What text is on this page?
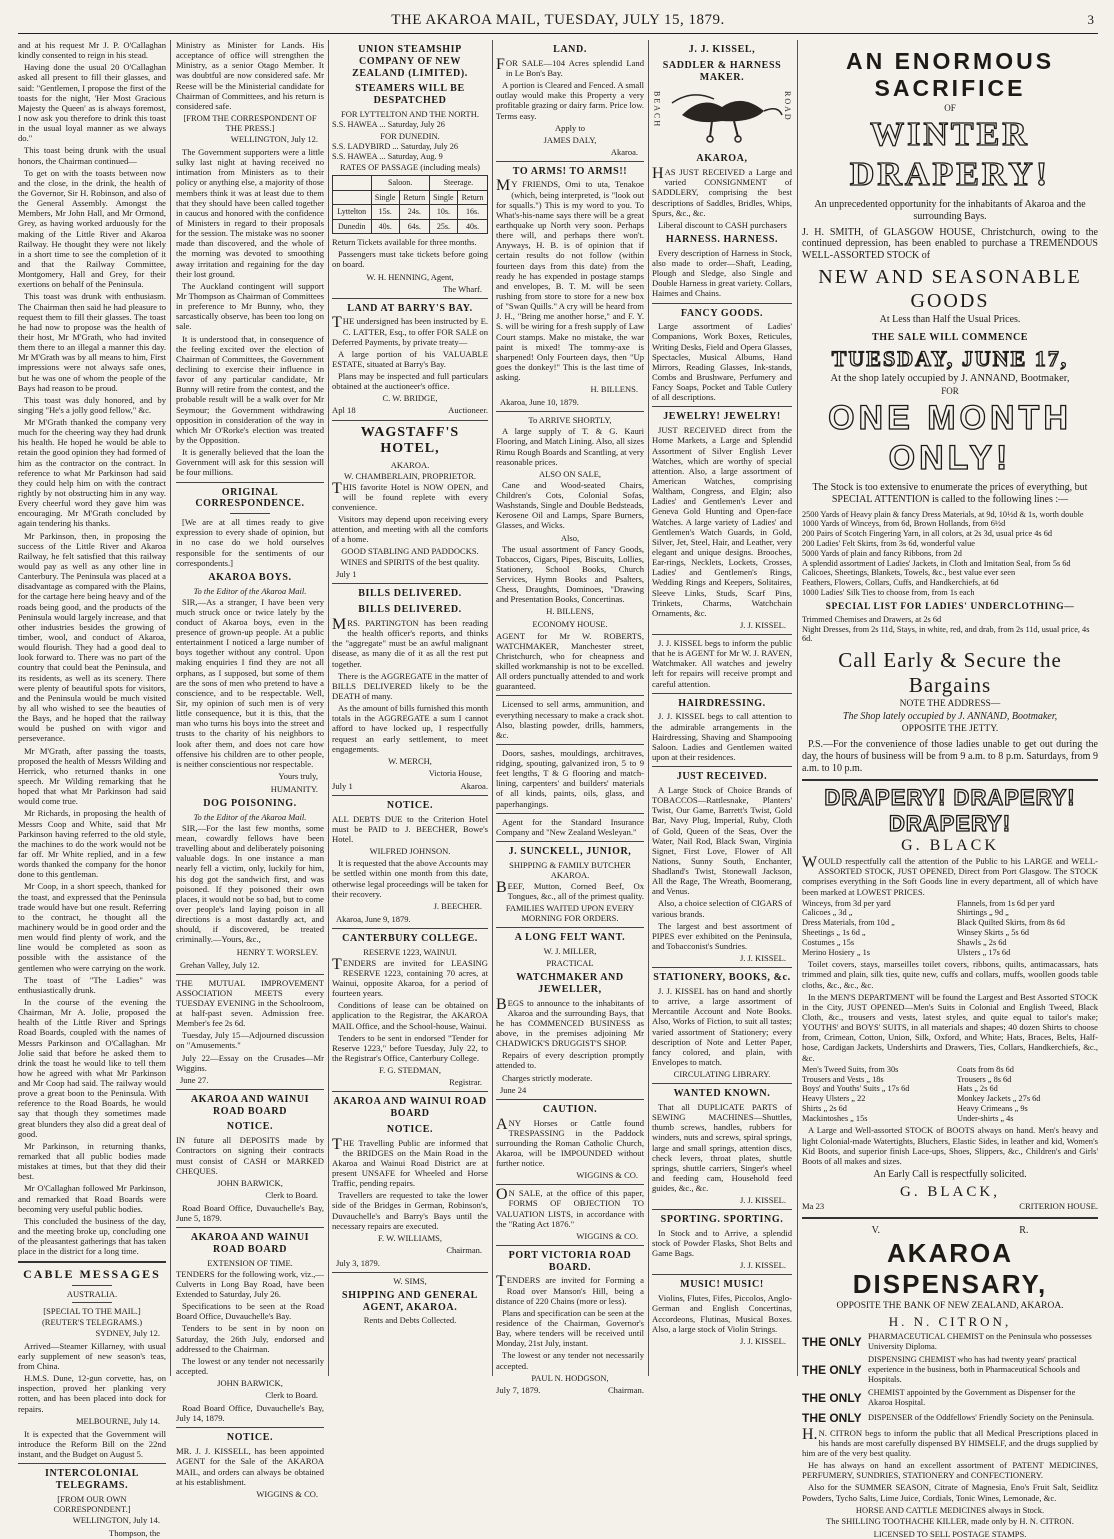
THE AKAROA MAIL, TUESDAY, JULY 15, 1879.	3

and at his request Mr J. P. O'Callaghan kindly consented to reign in his stead.

Having done the usual 20 O'Callaghan asked all present to fill their glasses, and said: "Gentlemen, I propose the first of the toasts for the night, 'Her Most Gracious Majesty the Queen' as is always foremost, I now ask you therefore to drink this toast in the usual loyal manner as we always do."

This toast being drunk with the usual honors, the Chairman continued—

To get on with the toasts between now and the close, in the drink, the health of the Governor, Sir H. Robinson, and also of the General Assembly. Amongst the Members, Mr John Hall, and Mr Ormond, Grey, as having worked arduously for the making of the Little River and Akaroa Railway. He thought they were not likely in a short time to see the completion of it and that the Railway Committee, Montgomery, Hall and Grey, for their exertions on behalf of the Peninsula.

This toast was drunk with enthusiasm. The Chairman then said he had pleasure to request them to fill their glasses. The toast he had now to propose was the health of their host, Mr M'Grath, who had invited them there to an illegal a manner this day. Mr M'Grath was by all means to him, First impressions were not always safe ones, but he was one of whom the people of the Bays had reason to be proud.

This toast was duly honored, and by singing "He's a jolly good fellow," &c.

Mr M'Grath thanked the company very much for the cheering way they had drunk his health. He hoped he would be able to retain the good opinion they had formed of him as the contractor on the contract. In reference to what Mr Parkinson had said they could help him on with the contract rightly by not obstructing him in any way. Every cheerful word they gave him was encouraging. Mr M'Grath concluded by again tendering his thanks.

Mr Parkinson, then, in proposing the success of the Little River and Akaroa Railway, he felt satisfied that this railway would pay as well as any other line in Canterbury. The Peninsula was placed at a disadvantage as compared with the Plains, for the cartage here being heavy and of the roads being good, and the products of the Peninsula would largely increase, and that other industries besides the growing of timber, wool, and conduct of Akaroa, would flourish. They had a good deal to look forward to. There was no part of the country that could beat the Peninsula, and its residents, as well as its scenery. There were plenty of beautiful spots for visitors, and the Peninsula would be much visited by all who wished to see the beauties of the Bays, and he hoped that the railway would be pushed on with vigor and perseverance.

Mr M'Grath, after passing the toasts, proposed the health of Messrs Wilding and Herrick, who returned thanks in one speech. Mr Wilding remarking that he hoped that what Mr Parkinson had said would come true.

Mr Richards, in proposing the health of Messrs Coop and White, said that Mr Parkinson having referred to the old style, the machines to do the work would not be far off. Mr White replied, and in a few words thanked the company for the honor done to this gentleman.

Mr Coop, in a short speech, thanked for the toast, and expressed that the Peninsula trade would have but one result. Referring to the contract, he thought all the machinery would be in good order and the men would find plenty of work, and the line would be completed as soon as possible with the assistance of the gentlemen who were carrying on the work.

The toast of "The Ladies" was enthusiastically drunk.

In the course of the evening the Chairman, Mr A. Jolie, proposed the health of the Little River and Springs Road Boards, coupled with the names of Messrs Parkinson and O'Callaghan. Mr Jolie said that before he asked them to drink the toast he would like to tell them how he agreed with what Mr Parkinson and Mr Coop had said. The railway would prove a great boon to the Peninsula. With reference to the Road Boards, he would say that though they sometimes made great blunders they also did a great deal of good.

Mr Parkinson, in returning thanks, remarked that all public bodies made mistakes at times, but that they did their best.

Mr O'Callaghan followed Mr Parkinson, and remarked that Road Boards were becoming very useful public bodies.

This concluded the business of the day, and the meeting broke up, concluding one of the pleasantest gatherings that has taken place in the district for a long time.

CABLE MESSAGES
AUSTRALIA.
[SPECIAL TO THE MAIL.]
(REUTER'S TELEGRAMS.)
SYDNEY, July 12.

Arrived—Steamer Killarney, with usual early supplement of new season's teas, from China.

H.M.S. Dune, 12-gun corvette, has, on inspection, proved her planking very rotten, and has been placed into dock for repairs.

MELBOURNE, July 14.

It is expected that the Government will introduce the Reform Bill on the 22nd instant, and the Budget on August 5.

INTERCOLONIAL TELEGRAMS.
[FROM OUR OWN CORRESPONDENT.]
WELLINGTON, July 14.
Thompson, the

Ministry as Minister for Lands. His acceptance of office will strengthen the Ministry, as a senior Otago Member. It was doubtful are now considered safe. Mr Reese will be the Ministerial candidate for Chairman of Committees, and his return is considered safe.

[FROM THE CORRESPONDENT OF THE PRESS.]
WELLINGTON, July 12.

The Government supporters were a little sulky last night at having received no intimation from Ministers as to their policy or anything else, a majority of those members think it was at least due to them that they should have been called together in caucus and honored with the confidence of Ministers in regard to their proposals for the session. The mistake was no sooner made than discovered, and the whole of the morning was devoted to smoothing away irritation and regaining for the day their lost ground.

The Auckland contingent will support Mr Thompson as Chairman of Committees in preference to Mr Bunny, who, they sarcastically observe, has been too long on sale.

It is understood that, in consequence of the feeling excited over the election of Chairman of Committees, the Government declining to exercise their influence in favor of any particular candidate, Mr Bunny will retire from the contest, and the probable result will be a walk over for Mr Seymour; the Government withdrawing opposition in consideration of the way in which Mr O'Rorke's election was treated by the Opposition.

It is generally believed that the loan the Government will ask for this session will be four millions.

ORIGINAL CORRESPONDENCE.

[We are at all times ready to give expression to every shade of opinion, but in no case do we hold ourselves responsible for the sentiments of our correspondents.]

AKAROA BOYS.
To the Editor of the Akaroa Mail.

SIR,—As a stranger, I have been very much struck once or twice lately by the conduct of Akaroa boys, even in the presence of grown-up people. At a public entertainment I noticed a large number of boys together without any control. Upon making enquiries I find they are not all orphans, as I supposed, but some of them are the sons of men who pretend to have a conscience, and to be respectable. Well, Sir, my opinion of such men is of very little consequence, but it is this, that the man who turns his boys into the street and trusts to the charity of his neighbors to look after them, and does not care how offensive his children are to other people, is neither conscientious nor respectable.

Yours truly,
HUMANITY.
DOG POISONING.
To the Editor of the Akaroa Mail.

SIR,—For the last few months, some mean, cowardly fellows have been travelling about and deliberately poisoning valuable dogs. In one instance a man nearly fell a victim, only, luckily for him, his dog got the sandwich first, and was poisoned. If they poisoned their own places, it would not be so bad, but to come over people's land laying poison in all directions is a most dastardly act, and should, if discovered, be treated criminally.—Yours, &c.,

HENRY T. WORSLEY.
Grehan Valley, July 12.

THE MUTUAL IMPROVEMENT ASSOCIATION MEETS every TUESDAY EVENING in the Schoolroom, at half-past seven. Admission free. Member's fee 2s 6d.

Tuesday, July 15—Adjourned discussion on "Amusements."

July 22—Essay on the Crusades—Mr Wiggins.

June 27.
AKAROA AND WAINUI ROAD BOARD
NOTICE.

IN future all DEPOSITS made by Contractors on signing their contracts must consist of CASH or MARKED CHEQUES.

JOHN BARWICK,
Clerk to Board.

Road Board Office, Duvauchelle's Bay, June 5, 1879.

AKAROA AND WAINUI ROAD BOARD
EXTENSION OF TIME.

TENDERS for the following work, viz.,—Culverts in Long Bay Road, have been Extended to Saturday, July 26.

Specifications to be seen at the Road Board Office, Duvauchelle's Bay.

Tenders to be sent in by noon on Saturday, the 26th July, endorsed and addressed to the Chairman.

The lowest or any tender not necessarily accepted.

JOHN BARWICK,
Clerk to Board.

Road Board Office, Duvauchelle's Bay, July 14, 1879.

NOTICE.

MR. J. J. KISSELL, has been appointed AGENT for the Sale of the AKAROA MAIL, and orders can always be obtained at his establishment.

WIGGINS & CO.
UNION STEAMSHIP COMPANY OF NEW ZEALAND (LIMITED).
STEAMERS WILL BE DESPATCHED
FOR LYTTELTON AND THE NORTH.
S.S. HAWEA ... Saturday, July 26
FOR DUNEDIN.
S.S. LADYBIRD ... Saturday, July 26
S.S. HAWEA ... Saturday, Aug. 9
RATES OF PASSAGE (including meals)
	Saloon.		Steerage.	
	Single	Return	Single	Return
Lyttelton	15s.	24s.	10s.	16s.
Dunedin	40s.	64s.	25s.	40s.

Return Tickets available for three months.

Passengers must take tickets before going on board.

W. H. HENNING, Agent,
The Wharf.
LAND AT BARRY'S BAY.

THE undersigned has been instructed by E. C. LATTER, Esq., to offer FOR SALE on Deferred Payments, by private treaty—

A large portion of his VALUABLE ESTATE, situated at Barry's Bay.

Plans may be inspected and full particulars obtained at the auctioneer's office.

C. W. BRIDGE,
Apl 18	Auctioneer.
WAGSTAFF'S HOTEL,
AKAROA.
W. CHAMBERLAIN, PROPRIETOR.

THIS favorite Hotel is NOW OPEN, and will be found replete with every convenience.

Visitors may depend upon receiving every attention, and meeting with all the comforts of a home.

GOOD STABLING AND PADDOCKS.
WINES and SPIRITS of the best quality.
July 1
BILLS DELIVERED.
BILLS DELIVERED.

MRS. PARTINGTON has been reading the health officer's reports, and thinks the "aggregate" must be an awful malignant disease, as many die of it as all the rest put together.

There is the AGGREGATE in the matter of BILLS DELIVERED likely to be the DEATH of many.

As the amount of bills furnished this month totals in the AGGREGATE a sum I cannot afford to have locked up, I respectfully request an early settlement, to meet engagements.

W. MERCH,
Victoria House,
July 1	Akaroa.
NOTICE.

ALL DEBTS DUE to the Criterion Hotel must be PAID to J. BEECHER, Bowe's Hotel.

WILFRED JOHNSON.

It is requested that the above Accounts may be settled within one month from this date, otherwise legal proceedings will be taken for their recovery.

J. BEECHER.
Akaroa, June 9, 1879.
CANTERBURY COLLEGE.
RESERVE 1223, WAINUI.

TENDERS are invited for LEASING RESERVE 1223, containing 70 acres, at Wainui, opposite Akaroa, for a period of fourteen years.

Conditions of lease can be obtained on application to the Registrar, the AKAROA MAIL Office, and the School-house, Wainui.

Tenders to be sent in endorsed "Tender for Reserve 1223," before Tuesday, July 22, to the Registrar's Office, Canterbury College.

F. G. STEDMAN,
Registrar.
AKAROA AND WAINUI ROAD BOARD
NOTICE.

THE Travelling Public are informed that the BRIDGES on the Main Road in the Akaroa and Wainui Road District are at present UNSAFE for Wheeled and Horse Traffic, pending repairs.

Travellers are requested to take the lower side of the Bridges in German, Robinson's, Duvauchelle's and Barry's Bays until the necessary repairs are executed.

F. W. WILLIAMS,
Chairman.
July 3, 1879.
W. SIMS,
SHIPPING AND GENERAL AGENT, AKAROA.
Rents and Debts Collected.
LAND.

FOR SALE—104 Acres splendid Land in Le Bon's Bay.

A portion is Cleared and Fenced. A small outlay would make this Property a very profitable grazing or dairy farm. Price low. Terms easy.

Apply to
JAMES DALY,
Akaroa.
TO ARMS! TO ARMS!!

MY FRIENDS, Omi to uta, Tenakoe (which, being interpreted, is "look out for squalls.") This is my word to you. To What's-his-name says there will be a great earthquake up North very soon. Perhaps there will, and perhaps there won't. Anyways, H. B. is of opinion that if certain results do not follow (within fourteen days from this date) from the ready he has expended in postage stamps and envelopes, B. T. M. will be seen rushing from store to store for a new box of "Swan Quills." A cry will be heard from J. H., "Bring me another horse," and F. Y. S. will be wiring for a fresh supply of Law Court stamps. Make no mistake, the war paint is mixed! The tommy-axe is sharpened! Only Fourteen days, then "Up goes the donkey!" This is the last time of asking.

H. BILLENS.
Akaroa, June 10, 1879.
To ARRIVE SHORTLY,

A large supply of T. & G. Kauri Flooring, and Match Lining. Also, all sizes Rimu Rough Boards and Scantling, at very reasonable prices.

ALSO ON SALE,

Cane and Wood-seated Chairs, Children's Cots, Colonial Sofas, Washstands, Single and Double Bedsteads, Kerosene Oil and Lamps, Spare Burners, Glasses, and Wicks.

Also,

The usual assortment of Fancy Goods, Tobaccos, Cigars, Pipes, Biscuits, Lollies, Stationery, School Books, Church Services, Hymn Books and Psalters, Chess, Draughts, Dominoes, "Drawing and Presentation Books, Concertinas.

H. BILLENS,
ECONOMY HOUSE.

AGENT for Mr W. ROBERTS, WATCHMAKER, Manchester street, Christchurch, who for cheapness and skilled workmanship is not to be excelled. All orders punctually attended to and work guaranteed.

Licensed to sell arms, ammunition, and everything necessary to make a crack shot. Also, blasting powder, drills, hammers, &c.

Doors, sashes, mouldings, architraves, ridging, spouting, galvanized iron, 5 to 9 feet lengths, T & G flooring and match-lining, carpenters' and builders' materials of all kinds, paints, oils, glass, and paperhangings.

Agent for the Standard Insurance Company and "New Zealand Wesleyan."

J. SUNCKELL, JUNIOR,
SHIPPING & FAMILY BUTCHER AKAROA.

BEEF, Mutton, Corned Beef, Ox Tongues, &c., all of the primest quality.

FAMILIES WAITED UPON EVERY MORNING FOR ORDERS.
A LONG FELT WANT.
W. J. MILLER,
PRACTICAL
WATCHMAKER AND JEWELLER,

BEGS to announce to the inhabitants of Akaroa and the surrounding Bays, that he has COMMENCED BUSINESS as above, in the premises adjoining Mr CHADWICK'S DRUGGIST'S SHOP.

Repairs of every description promptly attended to.

Charges strictly moderate.

June 24
CAUTION.

ANY Horses or Cattle found TRESPASSING in the Paddock surrounding the Roman Catholic Church, Akaroa, will be IMPOUNDED without further notice.

WIGGINS & CO.

ON SALE, at the office of this paper, FORMS OF OBJECTION TO VALUATION LISTS, in accordance with the "Rating Act 1876."

WIGGINS & CO.
PORT VICTORIA ROAD BOARD.

TENDERS are invited for Forming a Road over Manson's Hill, being a distance of 220 Chains (more or less).

Plans and specification can be seen at the residence of the Chairman, Governor's Bay, where tenders will be received until Monday, 21st July, instant.

The lowest or any tender not necessarily accepted.

PAUL N. HODGSON,
July 7, 1879.	Chairman.
J. J. KISSEL,
SADDLER & HARNESS MAKER.
BEACH	ROAD
AKAROA,

HAS JUST RECEIVED a Large and varied CONSIGNMENT of SADDLERY, comprising the best descriptions of Saddles, Bridles, Whips, Spurs, &c., &c.

Liberal discount to CASH purchasers

HARNESS. HARNESS.

Every description of Harness in Stock, also made to order—Shaft, Leading, Plough and Sledge, also Single and Double Harness in great variety. Collars, Haimes and Chains.

FANCY GOODS.

Large assortment of Ladies' Companions, Work Boxes, Reticules, Writing Desks, Field and Opera Glasses, Spectacles, Musical Albums, Hand Mirrors, Reading Glasses, Ink-stands, Combs and Brushware, Perfumery and Fancy Soaps, Pocket and Table Cutlery of all descriptions.

JEWELRY! JEWELRY!

JUST RECEIVED direct from the Home Markets, a Large and Splendid Assortment of Silver English Lever Watches, which are worthy of special attention. Also, a large assortment of American Watches, comprising Waltham, Congress, and Elgin; also Ladies' and Gentlemen's Lever and Geneva Gold Hunting and Open-face Watches. A large variety of Ladies' and Gentlemen's Watch Guards, in Gold, Silver, Jet, Steel, Hair, and Leather, very elegant and unique designs. Brooches, Ear-rings, Necklets, Lockets, Crosses, Ladies' and Gentlemen's Rings, Wedding Rings and Keepers, Solitaires, Sleeve Links, Studs, Scarf Pins, Trinkets, Charms, Watchchain Ornaments, &c.

J. J. KISSEL.

J. J. KISSEL begs to inform the public that he is AGENT for Mr W. J. RAVEN, Watchmaker. All watches and jewelry left for repairs will receive prompt and careful attention.

HAIRDRESSING.

J. J. KISSEL begs to call attention to the admirable arrangements in the Hairdressing, Shaving and Shampooing Saloon. Ladies and Gentlemen waited upon at their residences.

JUST RECEIVED.

A Large Stock of Choice Brands of TOBACCOS—Rattlesnake, Planters' Twist, Our Game, Barrett's Twist, Gold Bar, Navy Plug, Imperial, Ruby, Cloth of Gold, Queen of the Seas, Over the Water, Nail Rod, Black Swan, Virginia Signet, First Love, Flower of All Nations, Sunny South, Enchanter, Shadland's Twist, Stonewall Jackson, All the Rage, The Wreath, Boomerang, and Venus.

Also, a choice selection of CIGARS of various brands.

The largest and best assortment of PIPES ever exhibited on the Peninsula, and Tobacconist's Sundries.

J. J. KISSEL.
STATIONERY, BOOKS, &c.

J. J. KISSEL has on hand and shortly to arrive, a large assortment of Mercantile Account and Note Books. Also, Works of Fiction, to suit all tastes; varied assortment of Stationery; every description of Note and Letter Paper, fancy colored, and plain, with Envelopes to match.

CIRCULATING LIBRARY.
WANTED KNOWN.

That all DUPLICATE PARTS of SEWING MACHINES—Shuttles, thumb screws, handles, rubbers for winders, nuts and screws, spiral springs, large and small springs, attention discs, check levers, throat plates, shuttle springs, shuttle carriers, Singer's wheel and feeding cam, Household feed guides, &c., &c.

J. J. KISSEL.
SPORTING. SPORTING.

In Stock and to Arrive, a splendid stock of Powder Flasks, Shot Belts and Game Bags.

J. J. KISSEL.
MUSIC! MUSIC!

Violins, Flutes, Fifes, Piccolos, Anglo-German and English Concertinas, Accordeons, Flutinas, Musical Boxes. Also, a large stock of Violin Strings.

J. J. KISSEL.
AN ENORMOUS SACRIFICE
OF
WINTER DRAPERY!
An unprecedented opportunity for the inhabitants of Akaroa and the surrounding Bays.

J. H. SMITH, of GLASGOW HOUSE, Christchurch, owing to the continued depression, has been enabled to purchase a TREMENDOUS WELL-ASSORTED STOCK of

NEW AND SEASONABLE GOODS
At Less than Half the Usual Prices.
THE SALE WILL COMMENCE
TUESDAY, JUNE 17,
At the shop lately occupied by J. ANNAND, Bootmaker,
FOR
ONE MONTH ONLY!

The Stock is too extensive to enumerate the prices of everything, but SPECIAL ATTENTION is called to the following lines :—

2500 Yards of Heavy plain & fancy Dress Materials, at 9d, 10½d & 1s, worth double
1000 Yards of Winceys, from 6d, Brown Hollands, from 6½d
200 Pairs of Scotch Fingering Yarn, in all colors, at 2s 3d, usual price 4s 6d
200 Ladies' Felt Skirts, from 3s 6d, wonderful value
5000 Yards of plain and fancy Ribbons, from 2d
A splendid assortment of Ladies' Jackets, in Cloth and Imitation Seal, from 5s 6d
Calicoes, Sheetings, Blankets, Towels, &c., best value ever seen
Feathers, Flowers, Collars, Cuffs, and Handkerchiefs, at 6d
1000 Ladies' Silk Ties to choose from, from 1s each
SPECIAL LIST FOR LADIES' UNDERCLOTHING—
Trimmed Chemises and Drawers, at 2s 6d
Night Dresses, from 2s 11d, Stays, in white, red, and drab, from 2s 11d, usual price, 4s 6d.
Call Early & Secure the Bargains
NOTE THE ADDRESS—
The Shop lately occupied by J. ANNAND, Bootmaker,
OPPOSITE THE JETTY.

P.S.—For the convenience of those ladies unable to get out during the day, the hours of business will be from 9 a.m. to 8 p.m. Saturdays, from 9 a.m. to 10 p.m.

DRAPERY! DRAPERY! DRAPERY!
G. BLACK

WOULD respectfully call the attention of the Public to his LARGE and WELL-ASSORTED STOCK, JUST OPENED, Direct from Port Glasgow. The STOCK comprises everything in the Soft Goods line in every department, all of which have been marked at LOWEST PRICES.

Winceys, from 3d per yard	Flannels, from 1s 6d per yard
Calicoes „ 3d „	Shirtings „ 9d „
Dress Materials, from 10d „	Black Quilted Skirts, from 8s 6d
Sheetings „ 1s 6d „	Winsey Skirts „ 5s 6d
Costumes „ 15s	Shawls „ 2s 6d
Merino Hosiery „ 1s	Ulsters „ 17s 6d

Toilet covers, stays, marseilles toilet covers, ribbons, quilts, antimacassars, hats trimmed and plain, silk ties, quite new, cuffs and collars, muffs, woollen goods table cloths, &c., &c., &c.

In the MEN'S DEPARTMENT will be found the Largest and Best Assorted STOCK in the City, JUST OPENED—Men's Suits in Colonial and English Tweed, Black Cloth, &c., trousers and vests, latest styles, and quite equal to tailor's make; YOUTHS' and BOYS' SUITS, in all materials and shapes; 40 dozen Shirts to choose from, Crimean, Cotton, Union, Silk, Oxford, and White; Hats, Braces, Belts, Half-hose, Cardigan Jackets, Undershirts and Drawers, Ties, Collars, Handkerchiefs, &c., &c.

Men's Tweed Suits, from 30s	Coats from 8s 6d
Trousers and Vests „ 18s	Trousers „ 8s 6d
Boys' and Youths' Suits „ 17s 6d	Hats „ 2s 6d
Heavy Ulsters „ 22	Monkey Jackets „ 27s 6d
Shirts „ 2s 6d	Heavy Crimeans „ 9s
Mackintoshes „ 15s	Under-shirts „ 4s

A Large and Well-assorted STOCK of BOOTS always on hand. Men's heavy and light Colonial-made Watertights, Bluchers, Elastic Sides, in leather and kid, Women's Kid Boots, and superior finish Lace-ups, Shoes, Slippers, &c., Children's and Girls' Boots of all makes and sizes.

An Early Call is respectfully solicited.
G. BLACK,
Ma 23	CRITERION HOUSE.
V.	R.
AKAROA DISPENSARY,
OPPOSITE THE BANK OF NEW ZEALAND, AKAROA.
H. N. CITRON,
THE ONLY PHARMACEUTICAL CHEMIST on the Peninsula who possesses University Diploma.
THE ONLY
DISPENSING CHEMIST who has had twenty years' practical experience in the business, both in Pharmaceutical Schools and Hospitals.
THE ONLY CHEMIST appointed by the Government as Dispenser for the Akaroa Hospital.
THE ONLY DISPENSER of the Oddfellows' Friendly Society on the Peninsula.

H.N. CITRON begs to inform the public that all Medical Prescriptions placed in his hands are most carefully dispensed BY HIMSELF, and the drugs supplied by him are of the very best quality.

He has always on hand an excellent assortment of PATENT MEDICINES, PERFUMERY, SUNDRIES, STATIONERY and CONFECTIONERY.

Also for the SUMMER SEASON, Citrate of Magnesia, Eno's Fruit Salt, Seidlitz Powders, Tycho Salts, Lime Juice, Cordials, Tonic Wines, Lemonade, &c.

HORSE AND CATTLE MEDICINES always in Stock.
The SHILLING TOOTHACHE KILLER, made only by H. N. CITRON.
LICENSED TO SELL POSTAGE STAMPS.
